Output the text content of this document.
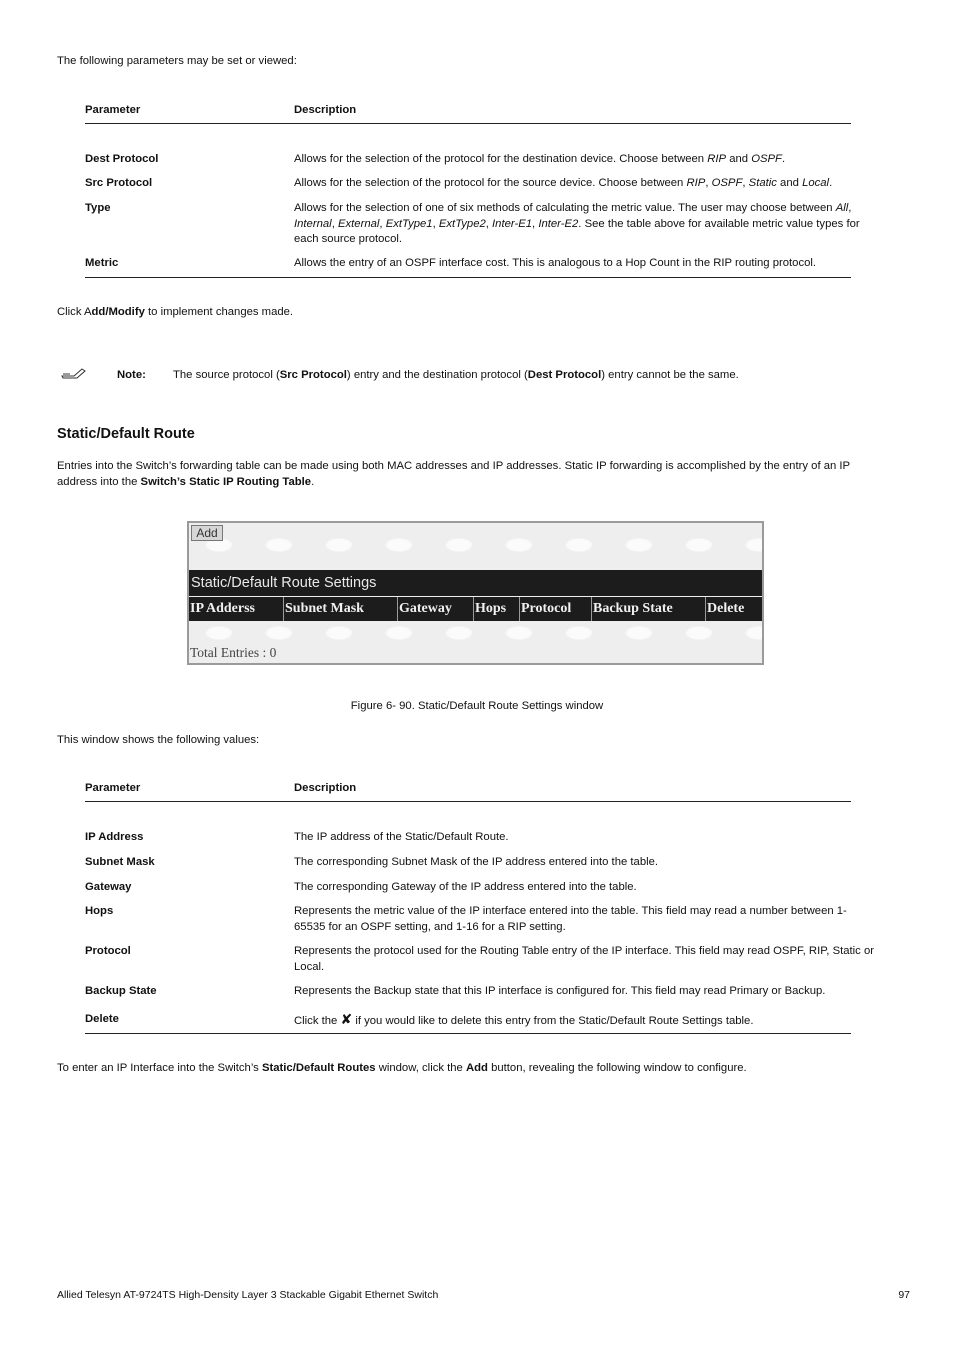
The following parameters may be set or viewed:
Parameter	Description
Dest Protocol	Allows for the selection of the protocol for the destination device. Choose between RIP and OSPF.
Src Protocol	Allows for the selection of the protocol for the source device. Choose between RIP, OSPF, Static and Local.
Type	Allows for the selection of one of six methods of calculating the metric value. The user may choose between All, Internal, External, ExtType1, ExtType2, Inter-E1, Inter-E2. See the table above for available metric value types for each source protocol.
Metric	Allows the entry of an OSPF interface cost. This is analogous to a Hop Count in the RIP routing protocol.
Click Add/Modify to implement changes made.
Note: The source protocol (Src Protocol) entry and the destination protocol (Dest Protocol) entry cannot be the same.
Static/Default Route
Entries into the Switch’s forwarding table can be made using both MAC addresses and IP addresses. Static IP forwarding is accomplished by the entry of an IP address into the Switch’s Static IP Routing Table.
Add
Static/Default Route Settings
IP Adderss	Subnet Mask	Gateway	Hops	Protocol	Backup State	Delete
Total Entries : 0
Figure 6- 90. Static/Default Route Settings window
This window shows the following values:
Parameter	Description
IP Address	The IP address of the Static/Default Route.
Subnet Mask	The corresponding Subnet Mask of the IP address entered into the table.
Gateway	The corresponding Gateway of the IP address entered into the table.
Hops	Represents the metric value of the IP interface entered into the table. This field may read a number between 1-65535 for an OSPF setting, and 1-16 for a RIP setting.
Protocol	Represents the protocol used for the Routing Table entry of the IP interface. This field may read OSPF, RIP, Static or Local.
Backup State	Represents the Backup state that this IP interface is configured for. This field may read Primary or Backup.
Delete	Click the ✘ if you would like to delete this entry from the Static/Default Route Settings table.
To enter an IP Interface into the Switch’s Static/Default Routes window, click the Add button, revealing the following window to configure.
Allied Telesyn AT-9724TS High-Density Layer 3 Stackable Gigabit Ethernet Switch	97
